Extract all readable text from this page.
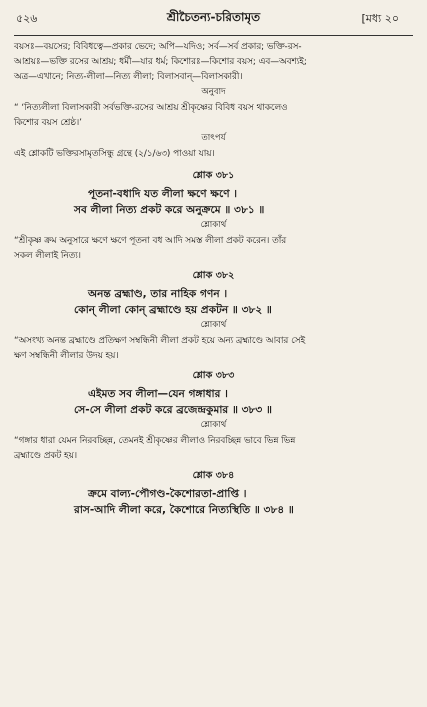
৫২৬	শ্রীচৈতন্য-চরিতামৃত	[মধ্য ২০

বয়সঃ—বয়সের; বিবিধত্বে—প্রকার ভেদে; অপি—যদিও; সর্ব—সর্ব প্রকার; ভক্তি-রস-

আশ্রয়ঃ—ভক্তি রসের আশ্রয়; ধর্মী—যার ধর্ম; কিশোরঃ—কিশোর বয়স; এব—অবশ্যই;

অত্র—এখানে; নিত্য-লীলা—নিত্য লীলা; বিলাসবান্‌—বিলাসকারী।

অনুবাদ

“ ‘নিত্যলীলা বিলাসকারী সর্বভক্তি-রসের আশ্রয় শ্রীকৃষ্ণের বিবিধ বয়স থাকলেও

কিশোর বয়স শ্রেষ্ঠ।’

তাৎপর্য

এই শ্লোকটি ভক্তিরসামৃতসিন্ধু গ্রন্থে (২/১/৬৩) পাওয়া যায়।

শ্লোক ৩৮১

পূতনা-বধাদি যত লীলা ক্ষণে ক্ষণে ।

সব লীলা নিত্য প্রকট করে অনুক্রমে ॥ ৩৮১ ॥

শ্লোকার্থ

“শ্রীকৃষ্ণ ক্রম অনুসারে ক্ষণে ক্ষণে পূতনা বধ আদি সমস্ত লীলা প্রকট করেন। তাঁর

সকল লীলাই নিত্য।

শ্লোক ৩৮২

অনন্ত ব্রহ্মাণ্ড, তার নাহিক গণন ।

কোন্‌ লীলা কোন্‌ ব্রহ্মাণ্ডে হয় প্রকটন ॥ ৩৮২ ॥

শ্লোকার্থ

“অসংখ্য অনন্ত ব্রহ্মাণ্ডে প্রতিক্ষণ সম্বন্ধিনী লীলা প্রকট হয়ে অন্য ব্রহ্মাণ্ডে আবার সেই

ক্ষণ সম্বন্ধিনী লীলার উদয় হয়।

শ্লোক ৩৮৩

এইমত সব লীলা—যেন গঙ্গাধার ।

সে-সে লীলা প্রকট করে ব্রজেন্দ্রকুমার ॥ ৩৮৩ ॥

শ্লোকার্থ

“গঙ্গার ধারা যেমন নিরবচ্ছিন্ন, তেমনই শ্রীকৃষ্ণের লীলাও নিরবচ্ছিন্ন ভাবে ভিন্ন ভিন্ন

ব্রহ্মাণ্ডে প্রকট হয়।

শ্লোক ৩৮৪

ক্রমে বাল্য-পৌগণ্ড-কৈশোরতা-প্রাপ্তি ।

রাস-আদি লীলা করে, কৈশোরে নিত্যস্থিতি ॥ ৩৮৪ ॥
